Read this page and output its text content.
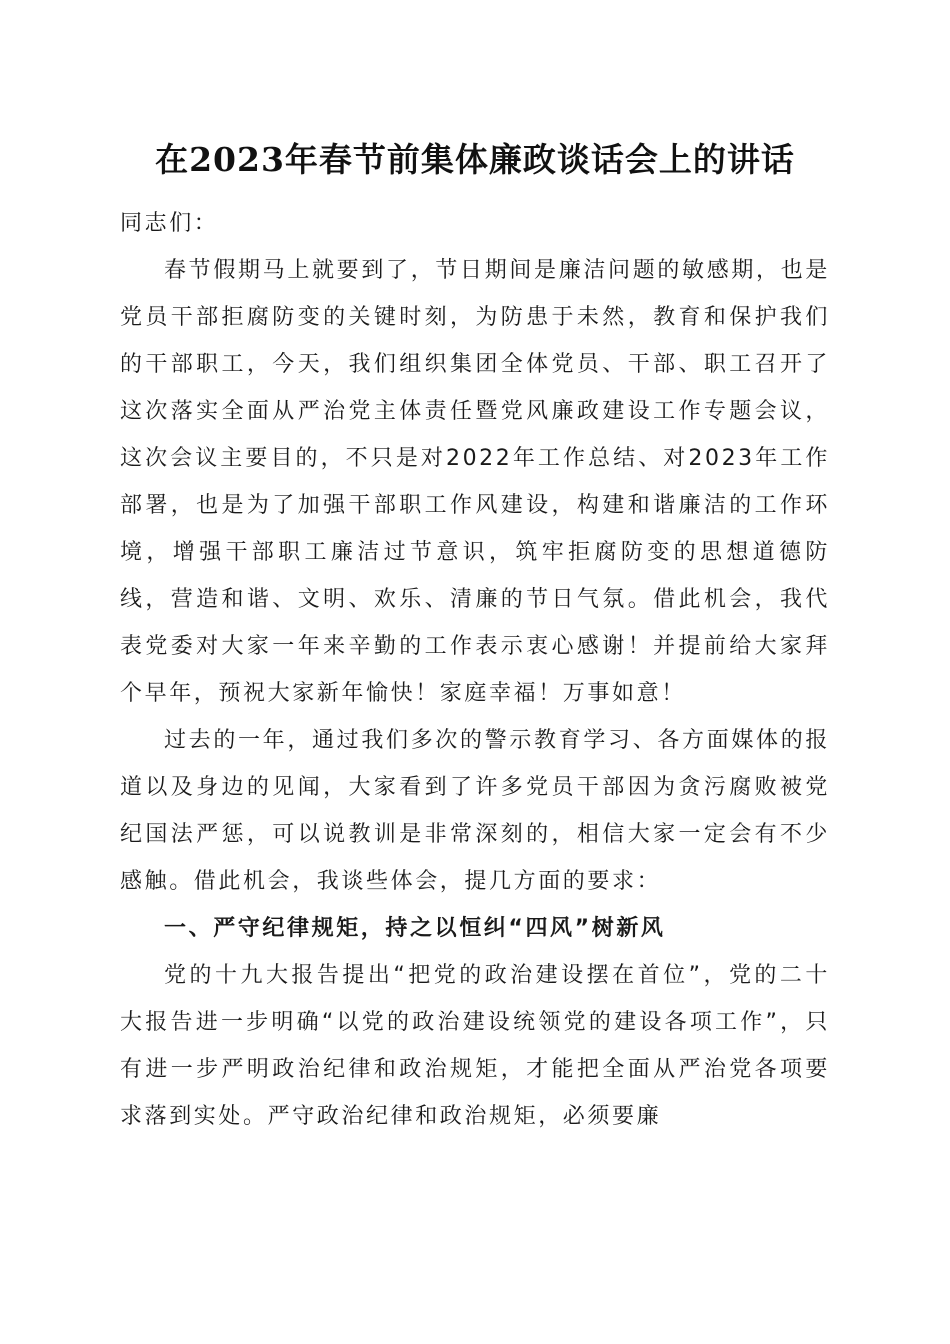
在2023年春节前集体廉政谈话会上的讲话

同志们：

春节假期马上就要到了，节日期间是廉洁问题的敏感期，也是党员干部拒腐防变的关键时刻，为防患于未然，教育和保护我们的干部职工，今天，我们组织集团全体党员、干部、职工召开了这次落实全面从严治党主体责任暨党风廉政建设工作专题会议，这次会议主要目的，不只是对2022年工作总结、对2023年工作部署，也是为了加强干部职工作风建设，构建和谐廉洁的工作环境，增强干部职工廉洁过节意识，筑牢拒腐防变的思想道德防线，营造和谐、文明、欢乐、清廉的节日气氛。借此机会，我代表党委对大家一年来辛勤的工作表示衷心感谢！并提前给大家拜个早年，预祝大家新年愉快！家庭幸福！万事如意！

过去的一年，通过我们多次的警示教育学习、各方面媒体的报道以及身边的见闻，大家看到了许多党员干部因为贪污腐败被党纪国法严惩，可以说教训是非常深刻的，相信大家一定会有不少感触。借此机会，我谈些体会，提几方面的要求：

一、严守纪律规矩，持之以恒纠“四风”树新风

党的十九大报告提出“把党的政治建设摆在首位”，党的二十大报告进一步明确“以党的政治建设统领党的建设各项工作”，只有进一步严明政治纪律和政治规矩，才能把全面从严治党各项要求落到实处。严守政治纪律和政治规矩，必须要廉
